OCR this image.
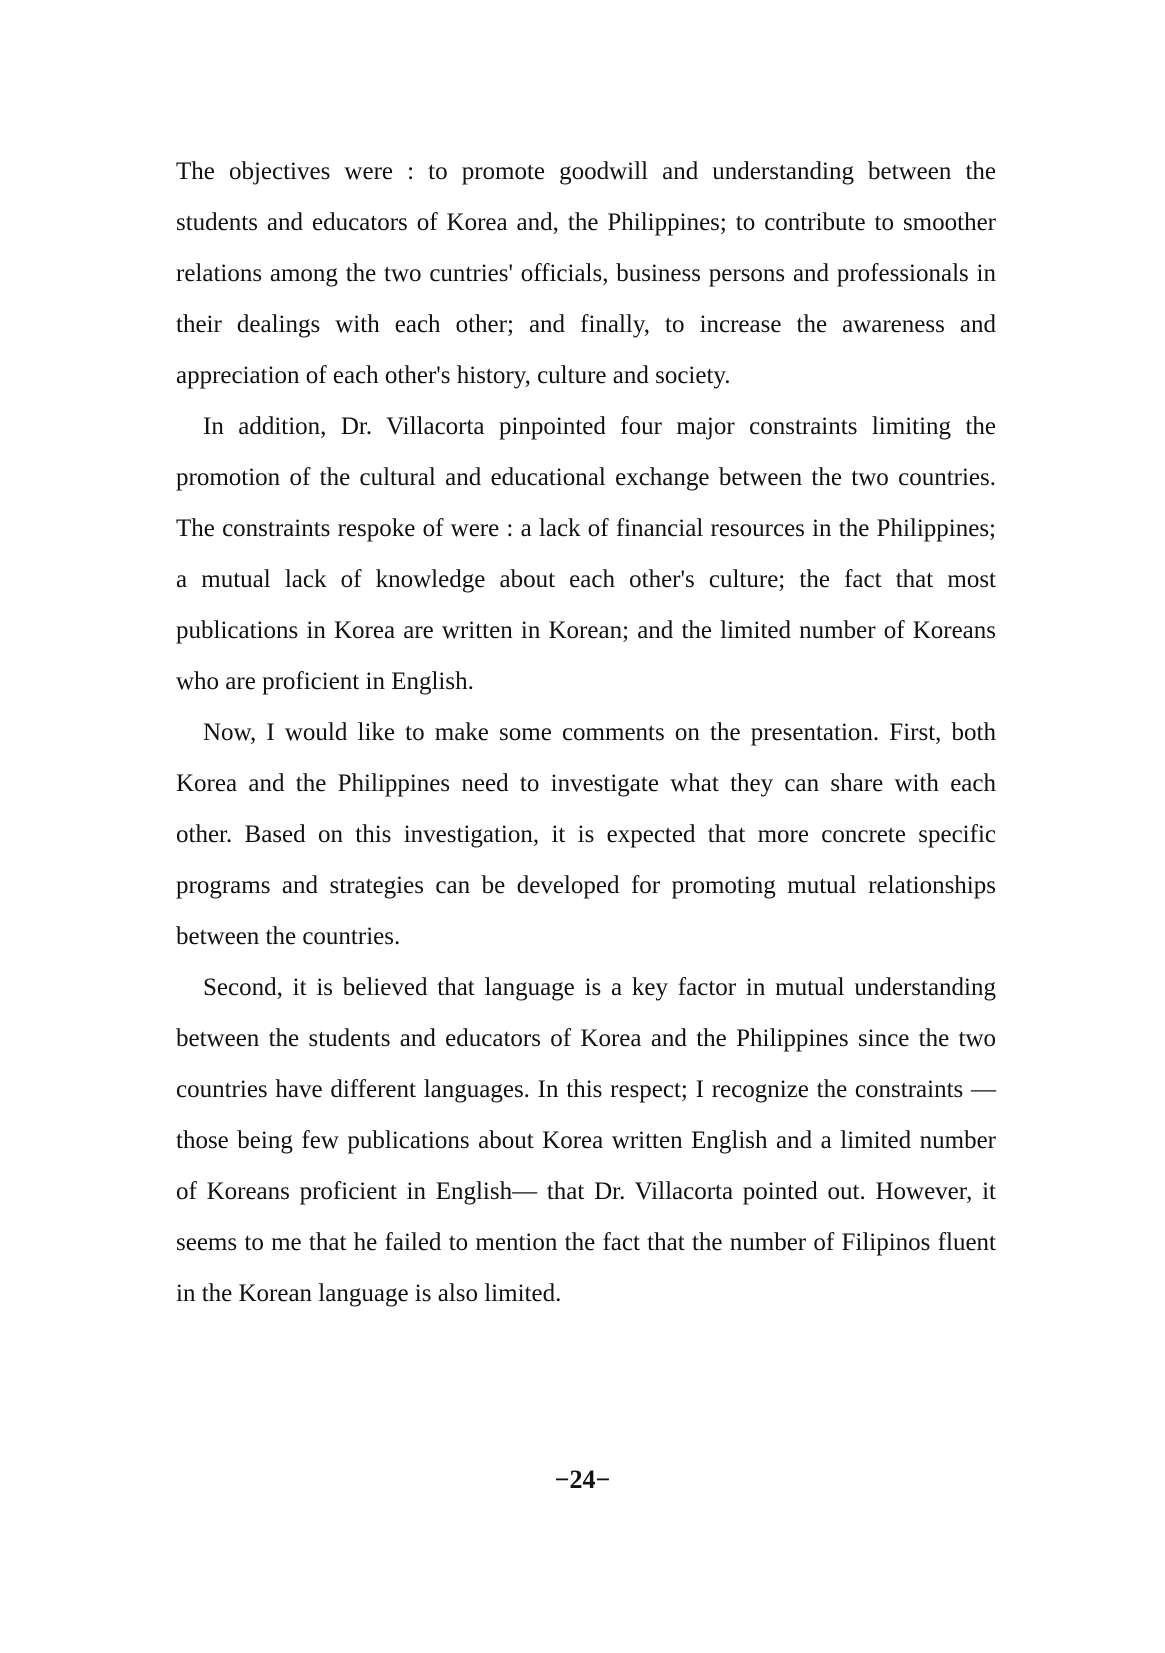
The objectives were : to promote goodwill and understanding between the students and educators of Korea and, the Philippines; to contribute to smoother relations among the two cuntries' officials, business persons and professionals in their dealings with each other; and finally, to increase the awareness and appreciation of each other's history, culture and society.

In addition, Dr. Villacorta pinpointed four major constraints limiting the promotion of the cultural and educational exchange between the two countries. The constraints respoke of were : a lack of financial resources in the Philippines; a mutual lack of knowledge about each other's culture; the fact that most publications in Korea are written in Korean; and the limited number of Koreans who are proficient in English.

Now, I would like to make some comments on the presentation. First, both Korea and the Philippines need to investigate what they can share with each other. Based on this investigation, it is expected that more concrete specific programs and strategies can be developed for promoting mutual relationships between the countries.

Second, it is believed that language is a key factor in mutual understanding between the students and educators of Korea and the Philippines since the two countries have different languages. In this respect; I recognize the constraints —those being few publications about Korea written English and a limited number of Koreans proficient in English— that Dr. Villacorta pointed out. However, it seems to me that he failed to mention the fact that the number of Filipinos fluent in the Korean language is also limited.

−24−
